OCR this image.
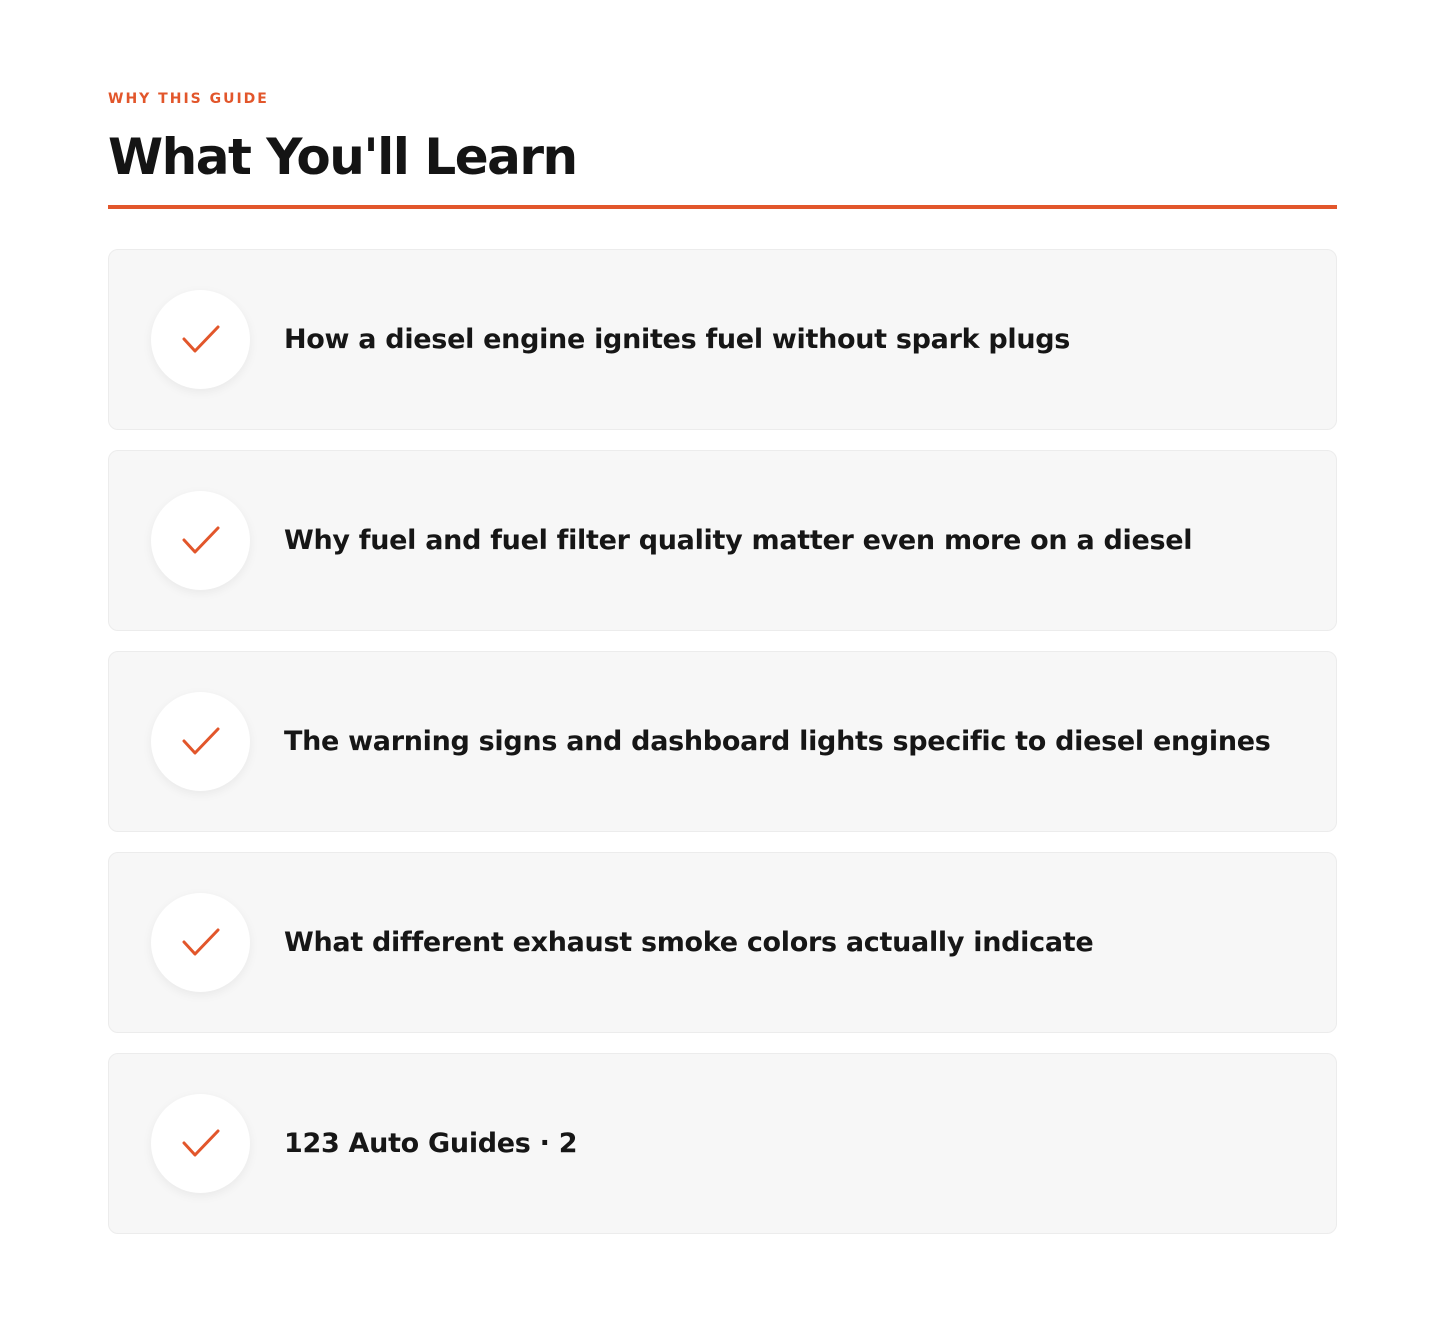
WHY THIS GUIDE
What You'll Learn
How a diesel engine ignites fuel without spark plugs
Why fuel and fuel filter quality matter even more on a diesel
The warning signs and dashboard lights specific to diesel engines
What different exhaust smoke colors actually indicate
123 Auto Guides · 2
